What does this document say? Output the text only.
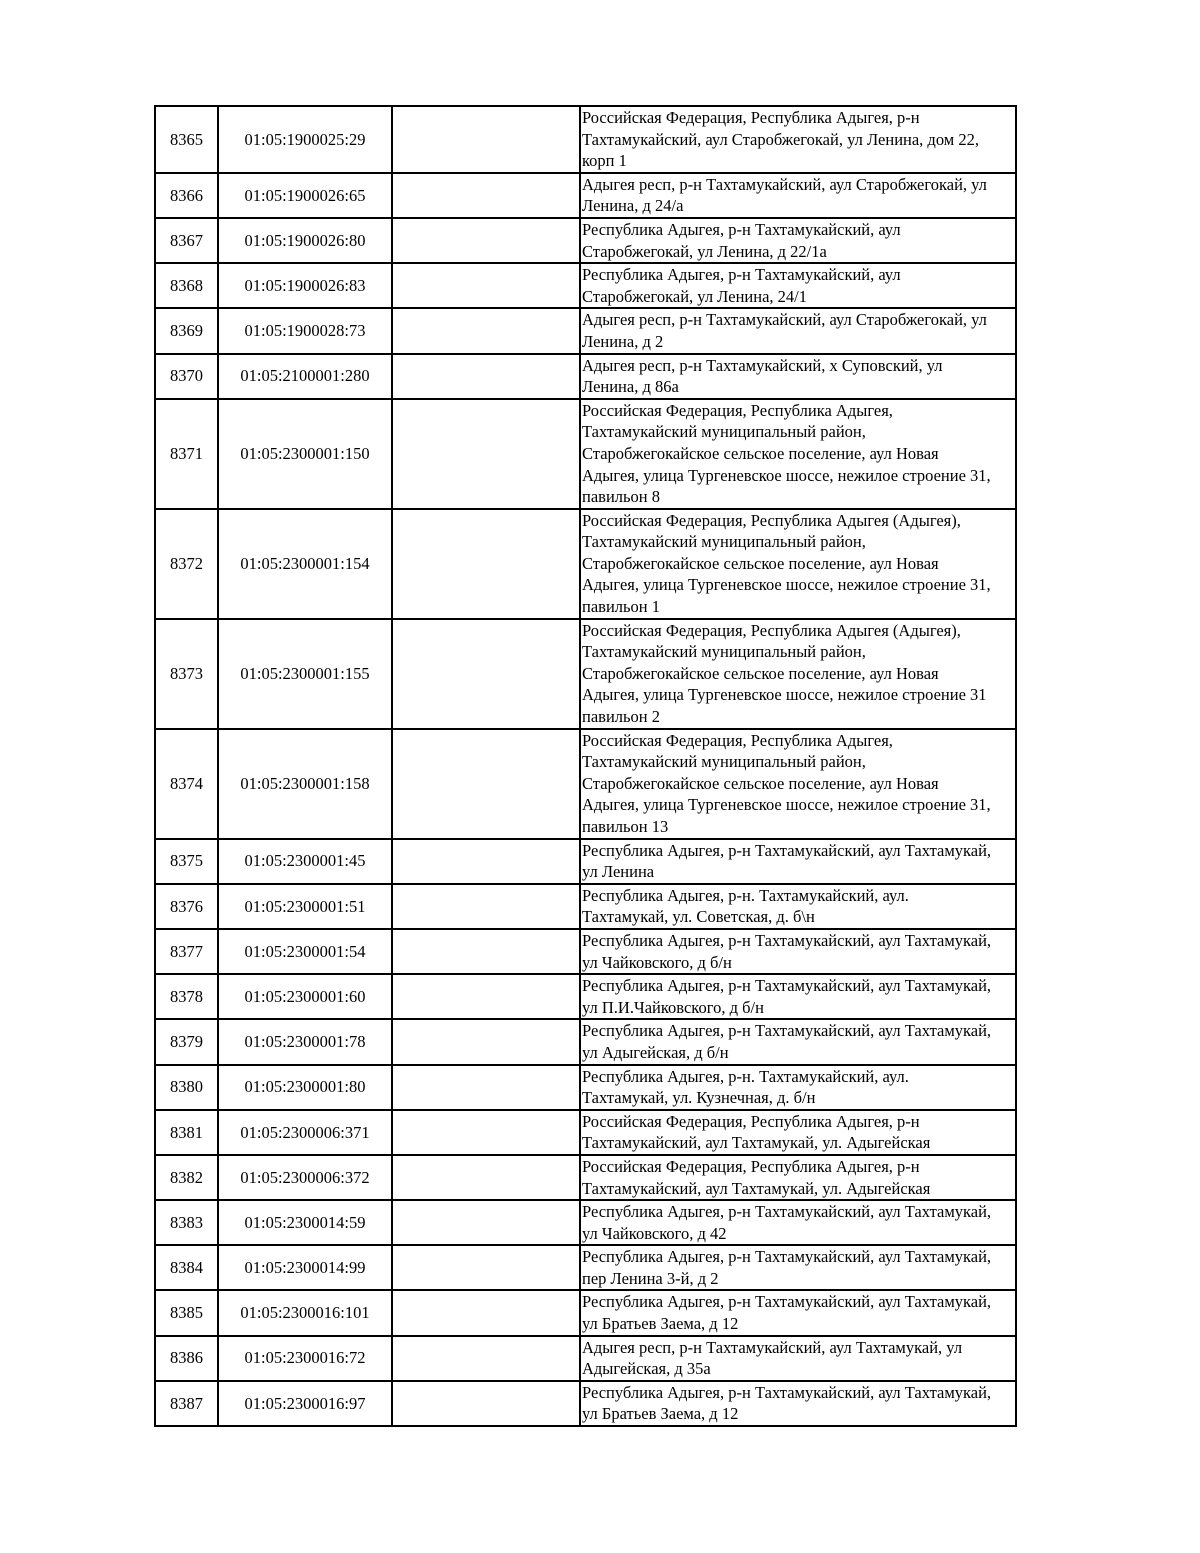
8365	01:05:1900025:29		Российская Федерация, Республика Адыгея, р-н
Тахтамукайский, аул Старобжегокай, ул Ленина, дом 22,
корп 1

8366	01:05:1900026:65		Адыгея респ, р-н Тахтамукайский, аул Старобжегокай, ул
Ленина, д 24/а

8367	01:05:1900026:80		Республика Адыгея, р-н Тахтамукайский, аул
Старобжегокай, ул Ленина, д 22/1а

8368	01:05:1900026:83		Республика Адыгея, р-н Тахтамукайский, аул
Старобжегокай, ул Ленина, 24/1

8369	01:05:1900028:73		Адыгея респ, р-н Тахтамукайский, аул Старобжегокай, ул
Ленина, д 2

8370	01:05:2100001:280		Адыгея респ, р-н Тахтамукайский, х Суповский, ул
Ленина, д 86а

8371	01:05:2300001:150		Российская Федерация, Республика Адыгея,
Тахтамукайский муниципальный район,
Старобжегокайское сельское поселение, аул Новая
Адыгея, улица Тургеневское шоссе, нежилое строение 31,
павильон 8

8372	01:05:2300001:154		Российская Федерация, Республика Адыгея (Адыгея),
Тахтамукайский муниципальный район,
Старобжегокайское сельское поселение, аул Новая
Адыгея, улица Тургеневское шоссе, нежилое строение 31,
павильон 1

8373	01:05:2300001:155		Российская Федерация, Республика Адыгея (Адыгея),
Тахтамукайский муниципальный район,
Старобжегокайское сельское поселение, аул Новая
Адыгея, улица Тургеневское шоссе, нежилое строение 31
павильон 2

8374	01:05:2300001:158		Российская Федерация, Республика Адыгея,
Тахтамукайский муниципальный район,
Старобжегокайское сельское поселение, аул Новая
Адыгея, улица Тургеневское шоссе, нежилое строение 31,
павильон 13

8375	01:05:2300001:45		Республика Адыгея, р-н Тахтамукайский, аул Тахтамукай,
ул Ленина

8376	01:05:2300001:51		Республика Адыгея, р-н. Тахтамукайский, аул.
Тахтамукай, ул. Советская, д. б\н

8377	01:05:2300001:54		Республика Адыгея, р-н Тахтамукайский, аул Тахтамукай,
ул Чайковского, д б/н

8378	01:05:2300001:60		Республика Адыгея, р-н Тахтамукайский, аул Тахтамукай,
ул П.И.Чайковского, д б/н

8379	01:05:2300001:78		Республика Адыгея, р-н Тахтамукайский, аул Тахтамукай,
ул Адыгейская, д б/н

8380	01:05:2300001:80		Республика Адыгея, р-н. Тахтамукайский, аул.
Тахтамукай, ул. Кузнечная, д. б/н

8381	01:05:2300006:371		Российская Федерация, Республика Адыгея, р-н
Тахтамукайский, аул Тахтамукай, ул. Адыгейская

8382	01:05:2300006:372		Российская Федерация, Республика Адыгея, р-н
Тахтамукайский, аул Тахтамукай, ул. Адыгейская

8383	01:05:2300014:59		Республика Адыгея, р-н Тахтамукайский, аул Тахтамукай,
ул Чайковского, д 42

8384	01:05:2300014:99		Республика Адыгея, р-н Тахтамукайский, аул Тахтамукай,
пер Ленина 3-й, д 2

8385	01:05:2300016:101		Республика Адыгея, р-н Тахтамукайский, аул Тахтамукай,
ул Братьев Заема, д 12

8386	01:05:2300016:72		Адыгея респ, р-н Тахтамукайский, аул Тахтамукай, ул
Адыгейская, д 35а

8387	01:05:2300016:97		Республика Адыгея, р-н Тахтамукайский, аул Тахтамукай,
ул Братьев Заема, д 12
